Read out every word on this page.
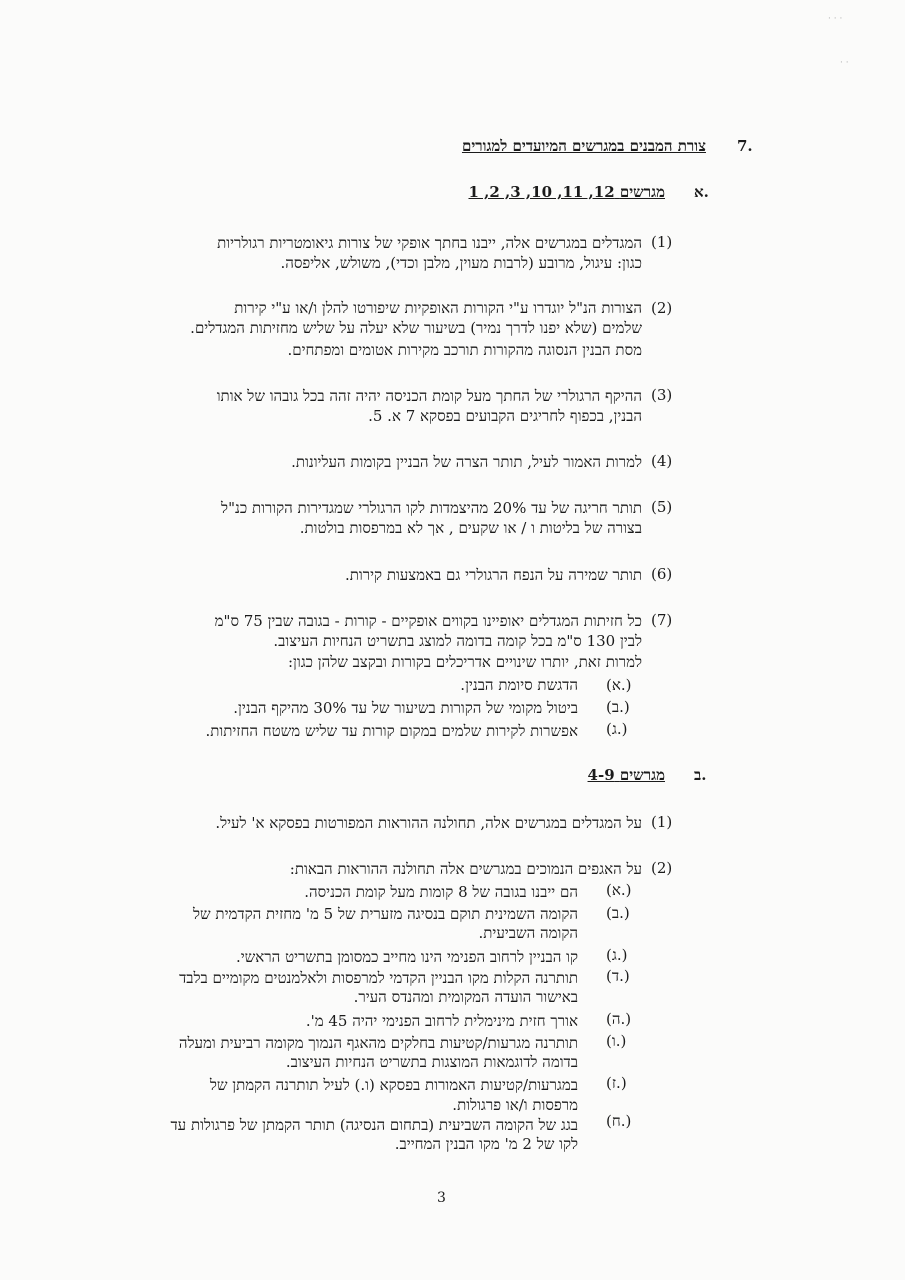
· · ·
· ·
7.
צורת המבנים במגרשים המיועדים למגורים
א.
מגרשים 1 ,2 ,3 ,10 ,11 ,12
(1)
המגדלים במגרשים אלה, ייבנו בחתך אופקי של צורות גיאומטריות רגולריות
כגון: עיגול, מרובע (לרבות מעוין, מלבן וכדי), משולש, אליפסה.
(2)
הצורות הנ"ל יוגדרו ע"י הקורות האופקיות שיפורטו להלן ו/או ע"י קירות
שלמים (שלא יפנו לדרך נמיר) בשיעור שלא יעלה על שליש מחזיתות המגדלים.
מסת הבנין הנסוגה מהקורות תורכב מקירות אטומים ומפתחים.
(3)
ההיקף הרגולרי של החתך מעל קומת הכניסה יהיה זהה בכל גובהו של אותו
הבנין, בכפוף לחריגים הקבועים בפסקא 7 א. 5.
(4)
למרות האמור לעיל, תותר הצרה של הבניין בקומות העליונות.
(5)
תותר חריגה של עד 20% מהיצמדות לקו הרגולרי שמגדירות הקורות כנ"ל
בצורה של בליטות ו / או שקעים , אך לא במרפסות בולטות.
(6)
תותר שמירה על הנפח הרגולרי גם באמצעות קירות.
(7)
כל חזיתות המגדלים יאופיינו בקווים אופקיים - קורות - בגובה שבין 75 ס"מ
לבין 130 ס"מ בכל קומה בדומה למוצג בתשריט הנחיות העיצוב.
למרות זאת, יותרו שינויים אדריכלים בקורות ובקצב שלהן כגון:
(א.)
הדגשת סיומת הבנין.
(ב.)
ביטול מקומי של הקורות בשיעור של עד 30% מהיקף הבנין.
(ג.)
אפשרות לקירות שלמים במקום קורות עד שליש משטח החזיתות.
ב.
מגרשים 4-9
(1)
על המגדלים במגרשים אלה, תחולנה ההוראות המפורטות בפסקא א' לעיל.
(2)
על האגפים הנמוכים במגרשים אלה תחולנה ההוראות הבאות:
(א.)
הם ייבנו בגובה של 8 קומות מעל קומת הכניסה.
(ב.)
הקומה השמינית תוקם בנסיגה מזערית של 5 מ' מחזית הקדמית של
הקומה השביעית.
(ג.)
קו הבניין לרחוב הפנימי הינו מחייב כמסומן בתשריט הראשי.
(ד.)
תותרנה הקלות מקו הבניין הקדמי למרפסות ולאלמנטים מקומיים בלבד
באישור הועדה המקומית ומהנדס העיר.
(ה.)
אורך חזית מינימלית לרחוב הפנימי יהיה 45 מ'.
(ו.)
תותרנה מגרעות/קטיעות בחלקים מהאגף הנמוך מקומה רביעית ומעלה
בדומה לדוגמאות המוצגות בתשריט הנחיות העיצוב.
(ז.)
במגרעות/קטיעות האמורות בפסקא (ו.) לעיל תותרנה הקמתן של
מרפסות ו/או פרגולות.
(ח.)
בגג של הקומה השביעית (בתחום הנסיגה) תותר הקמתן של פרגולות עד
לקו של 2 מ' מקו הבנין המחייב.
3
